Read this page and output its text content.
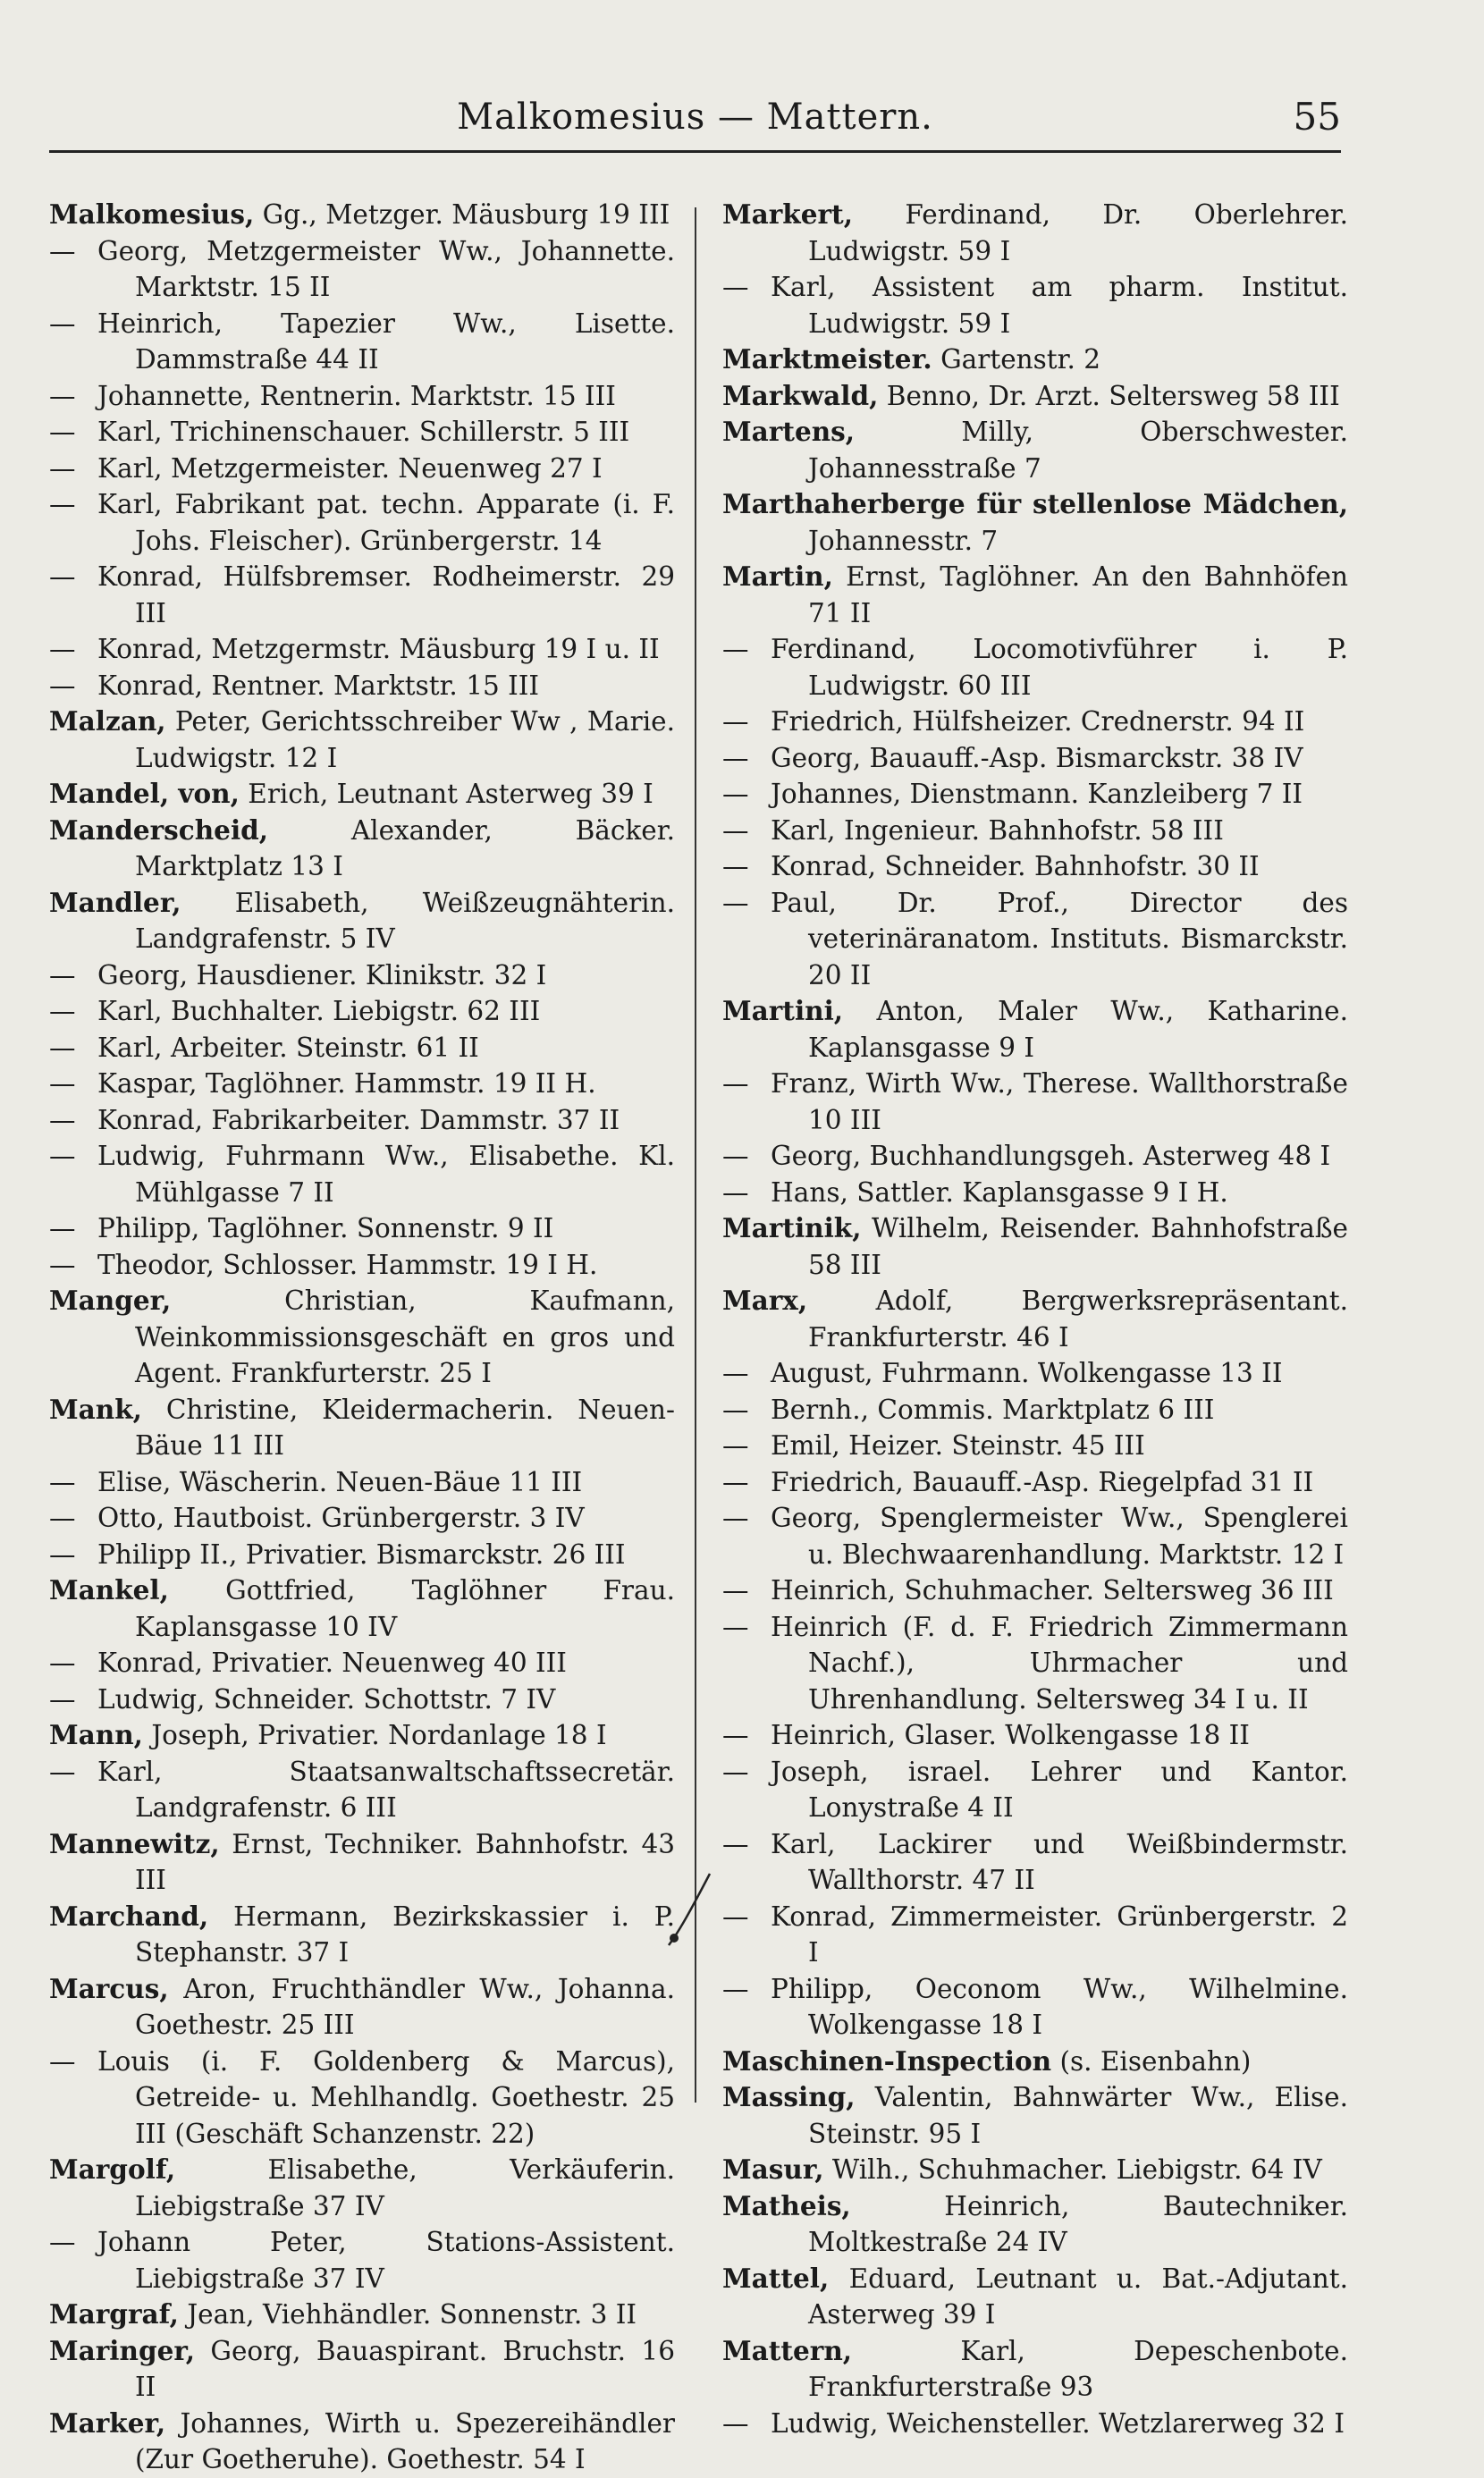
Malkomesius — Mattern.	55
Malkomesius, Gg., Metzger. Mäusburg 19 III
— Georg, Metzgermeister Ww., Johannette. Marktstr. 15 II
— Heinrich, Tapezier Ww., Lisette. Dammstraße 44 II
— Johannette, Rentnerin. Marktstr. 15 III
— Karl, Trichinenschauer. Schillerstr. 5 III
— Karl, Metzgermeister. Neuenweg 27 I
— Karl, Fabrikant pat. techn. Apparate (i. F. Johs. Fleischer). Grünbergerstr. 14
— Konrad, Hülfsbremser. Rodheimerstr. 29 III
— Konrad, Metzgermstr. Mäusburg 19 I u. II
— Konrad, Rentner. Marktstr. 15 III
Malzan, Peter, Gerichtsschreiber Ww , Marie. Ludwigstr. 12 I
Mandel, von, Erich, Leutnant Asterweg 39 I
Manderscheid,	Alexander, Bäcker. Marktplatz 13 I
Mandler, Elisabeth, Weißzeugnähterin. Landgrafenstr. 5 IV
— Georg, Hausdiener. Klinikstr. 32 I
— Karl, Buchhalter. Liebigstr. 62 III
— Karl, Arbeiter. Steinstr. 61 II
— Kaspar, Taglöhner. Hammstr. 19 II H.
— Konrad, Fabrikarbeiter. Dammstr. 37 II
— Ludwig, Fuhrmann Ww., Elisabethe. Kl. Mühlgasse 7 II
— Philipp, Taglöhner. Sonnenstr. 9 II
— Theodor, Schlosser. Hammstr. 19 I H.
Manger,	Christian, Kaufmann, Weinkommissionsgeschäft en gros und Agent. Frankfurterstr. 25 I
Mank, Christine, Kleidermacherin. Neuen-Bäue 11 III
— Elise, Wäscherin. Neuen-Bäue 11 III
— Otto, Hautboist. Grünbergerstr. 3 IV
— Philipp II., Privatier. Bismarckstr. 26 III
Mankel, Gottfried, Taglöhner Frau. Kaplansgasse 10 IV
— Konrad, Privatier. Neuenweg 40 III
— Ludwig, Schneider. Schottstr. 7 IV
Mann, Joseph, Privatier. Nordanlage 18 I
— Karl,	Staatsanwaltschaftssecretär. Landgrafenstr. 6 III
Mannewitz, Ernst, Techniker. Bahnhofstr. 43 III
Marchand, Hermann, Bezirkskassier i. P. Stephanstr. 37 I
Marcus, Aron, Fruchthändler Ww., Johanna. Goethestr. 25 III
— Louis (i. F. Goldenberg & Marcus), Getreide- u. Mehlhandlg. Goethestr. 25 III (Geschäft Schanzenstr. 22)
Margolf,	Elisabethe, Verkäuferin. Liebigstraße 37 IV
— Johann Peter,	Stations-Assistent. Liebigstraße 37 IV
Margraf, Jean, Viehhändler. Sonnenstr. 3 II
Maringer, Georg, Bauaspirant. Bruchstr. 16 II
Marker, Johannes, Wirth u. Spezereihändler (Zur Goetheruhe). Goethestr. 54 I
Markert, Ferdinand, Dr. Oberlehrer. Ludwigstr. 59 I
— Karl, Assistent am pharm. Institut. Ludwigstr. 59 I
Marktmeister. Gartenstr. 2
Markwald, Benno, Dr. Arzt. Seltersweg 58 III
Martens,	Milly, Oberschwester. Johannesstraße 7
Marthaherberge für stellenlose Mädchen, Johannesstr. 7
Martin, Ernst, Taglöhner. An den Bahnhöfen 71 II
— Ferdinand, Locomotivführer i. P. Ludwigstr. 60 III
— Friedrich, Hülfsheizer. Crednerstr. 94 II
— Georg, Bauauff.-Asp. Bismarckstr. 38 IV
— Johannes, Dienstmann. Kanzleiberg 7 II
— Karl, Ingenieur. Bahnhofstr. 58 III
— Konrad, Schneider. Bahnhofstr. 30 II
— Paul, Dr. Prof., Director des veterinäranatom. Instituts. Bismarckstr. 20 II
Martini, Anton, Maler Ww., Katharine. Kaplansgasse 9 I
— Franz, Wirth Ww., Therese. Wallthorstraße 10 III
— Georg, Buchhandlungsgeh. Asterweg 48 I
— Hans, Sattler. Kaplansgasse 9 I H.
Martinik, Wilhelm, Reisender. Bahnhofstraße 58 III
Marx,	Adolf, Bergwerksrepräsentant. Frankfurterstr. 46 I
— August, Fuhrmann. Wolkengasse 13 II
— Bernh., Commis. Marktplatz 6 III
— Emil, Heizer. Steinstr. 45 III
— Friedrich, Bauauff.-Asp. Riegelpfad 31 II
— Georg, Spenglermeister Ww., Spenglerei u. Blechwaarenhandlung. Marktstr. 12 I
— Heinrich, Schuhmacher. Seltersweg 36 III
— Heinrich (F. d. F. Friedrich Zimmermann Nachf.), Uhrmacher und Uhrenhandlung. Seltersweg 34 I u. II
— Heinrich, Glaser. Wolkengasse 18 II
— Joseph, israel. Lehrer und Kantor. Lonystraße 4 II
— Karl, Lackirer und Weißbindermstr. Wallthorstr. 47 II
— Konrad, Zimmermeister. Grünbergerstr. 2 I
— Philipp, Oeconom Ww., Wilhelmine. Wolkengasse 18 I
Maschinen-Inspection (s. Eisenbahn)
Massing, Valentin, Bahnwärter Ww., Elise. Steinstr. 95 I
Masur, Wilh., Schuhmacher. Liebigstr. 64 IV
Matheis,	Heinrich, Bautechniker. Moltkestraße 24 IV
Mattel, Eduard, Leutnant u. Bat.-Adjutant. Asterweg 39 I
Mattern,	Karl, Depeschenbote. Frankfurterstraße 93
— Ludwig, Weichensteller. Wetzlarerweg 32 I
